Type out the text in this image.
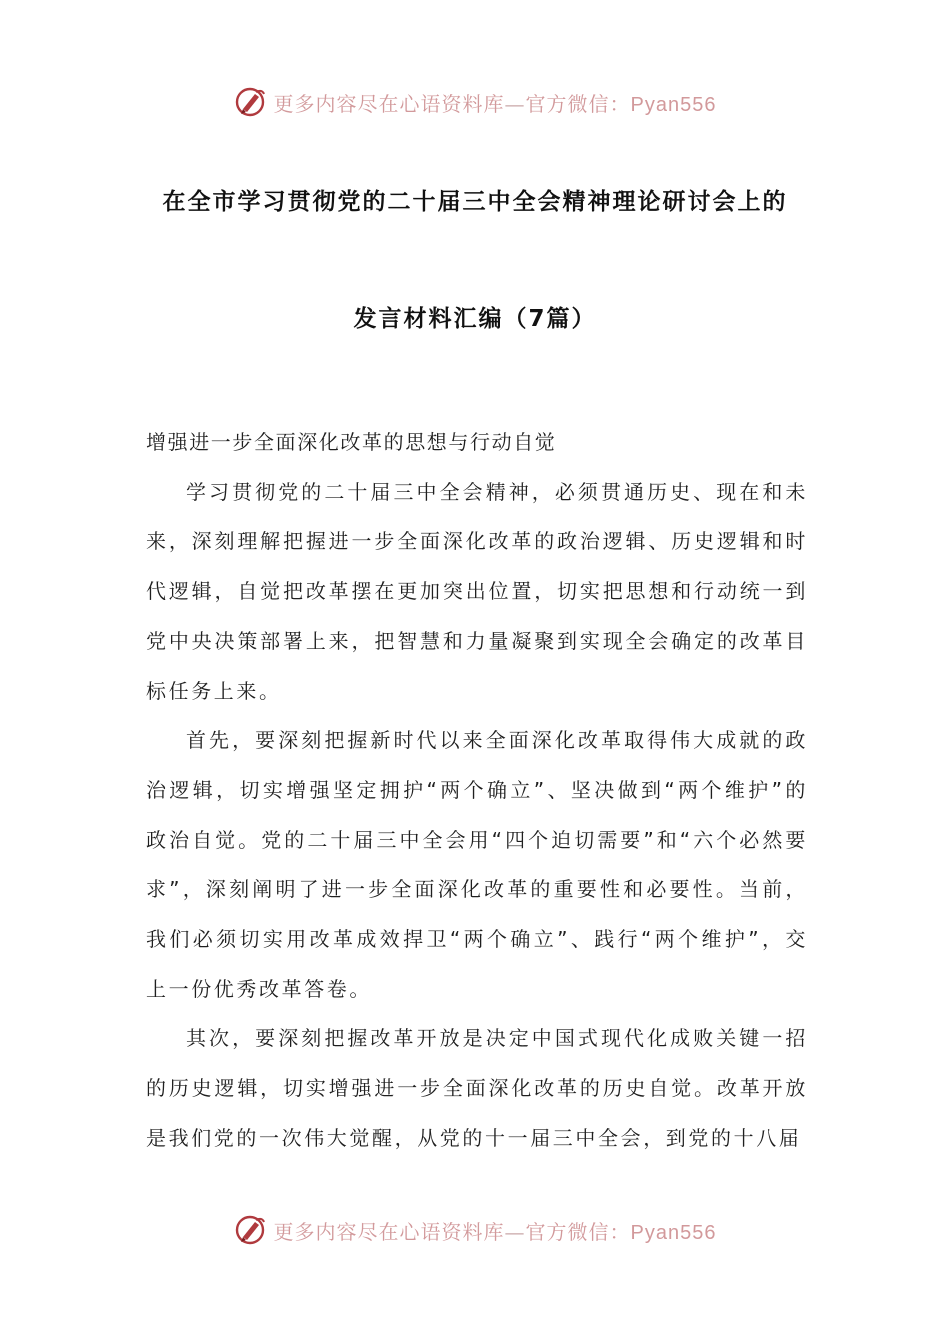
更多内容尽在心语资料库—官方微信：Pyan556
在全市学习贯彻党的二十届三中全会精神理论研讨会上的
发言材料汇编（7篇）
增强进一步全面深化改革的思想与行动自觉

学习贯彻党的二十届三中全会精神，必须贯通历史、现在和未来，深刻理解把握进一步全面深化改革的政治逻辑、历史逻辑和时代逻辑，自觉把改革摆在更加突出位置，切实把思想和行动统一到党中央决策部署上来，把智慧和力量凝聚到实现全会确定的改革目标任务上来。

首先，要深刻把握新时代以来全面深化改革取得伟大成就的政治逻辑，切实增强坚定拥护“两个确立”、坚决做到“两个维护”的政治自觉。党的二十届三中全会用“四个迫切需要”和“六个必然要求”，深刻阐明了进一步全面深化改革的重要性和必要性。当前，我们必须切实用改革成效捍卫“两个确立”、践行“两个维护”，交上一份优秀改革答卷。

其次，要深刻把握改革开放是决定中国式现代化成败关键一招的历史逻辑，切实增强进一步全面深化改革的历史自觉。改革开放是我们党的一次伟大觉醒，从党的十一届三中全会，到党的十八届

更多内容尽在心语资料库—官方微信：Pyan556
